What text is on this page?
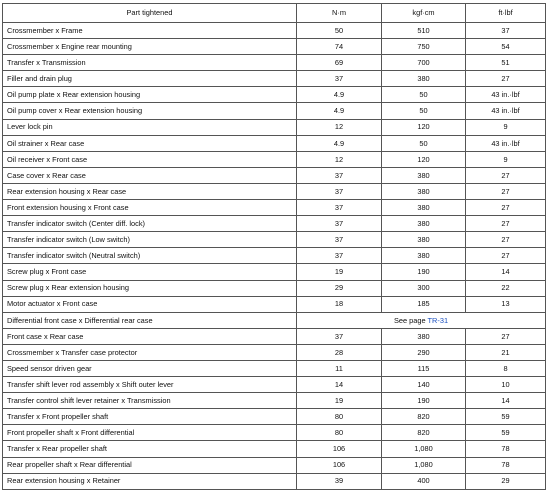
Part tightened	N·m	kgf·cm	ft·lbf
Crossmember x Frame	50	510	37
Crossmember x Engine rear mounting	74	750	54
Transfer x Transmission	69	700	51
Filler and drain plug	37	380	27
Oil pump plate x Rear extension housing	4.9	50	43 in.·lbf
Oil pump cover x Rear extension housing	4.9	50	43 in.·lbf
Lever lock pin	12	120	9
Oil strainer x Rear case	4.9	50	43 in.·lbf
Oil receiver x Front case	12	120	9
Case cover x Rear case	37	380	27
Rear extension housing x Rear case	37	380	27
Front extension housing x Front case	37	380	27
Transfer indicator switch (Center diff. lock)	37	380	27
Transfer indicator switch (Low switch)	37	380	27
Transfer indicator switch (Neutral switch)	37	380	27
Screw plug x Front case	19	190	14
Screw plug x Rear extension housing	29	300	22
Motor actuator x Front case	18	185	13
Differential front case x Differential rear case	See page TR-31		
Front case x Rear case	37	380	27
Crossmember x Transfer case protector	28	290	21
Speed sensor driven gear	11	115	8
Transfer shift lever rod assembly x Shift outer lever	14	140	10
Transfer control shift lever retainer x Transmission	19	190	14
Transfer x Front propeller shaft	80	820	59
Front propeller shaft x Front differential	80	820	59
Transfer x Rear propeller shaft	106	1,080	78
Rear propeller shaft x Rear differential	106	1,080	78
Rear extension housing x Retainer	39	400	29
